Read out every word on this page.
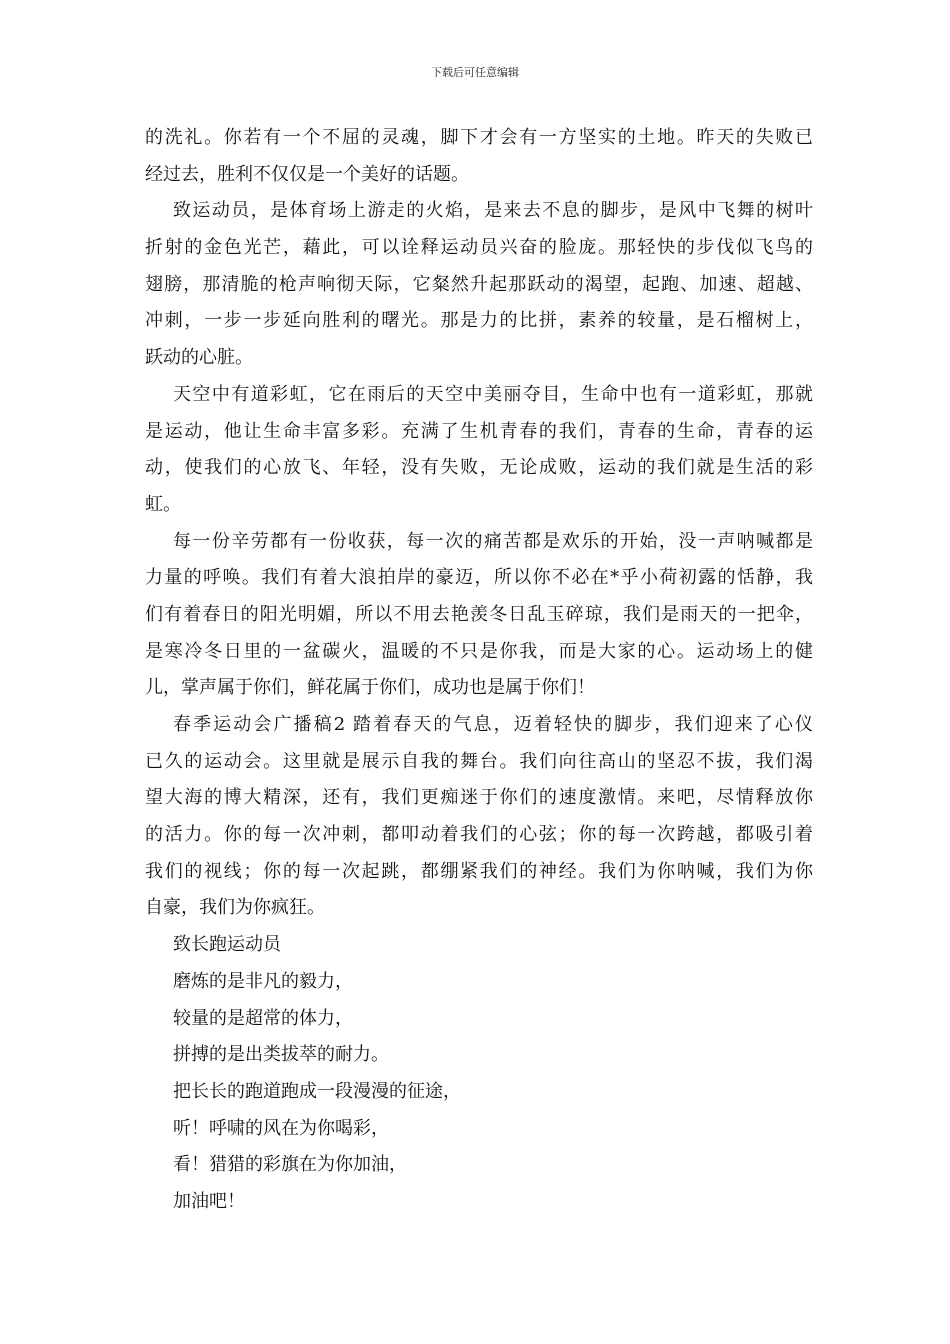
下载后可任意编辑
的洗礼。你若有一个不屈的灵魂，脚下才会有一方坚实的土地。昨天的失败已
经过去，胜利不仅仅是一个美好的话题。
致运动员，是体育场上游走的火焰，是来去不息的脚步，是风中飞舞的树叶
折射的金色光芒，藉此，可以诠释运动员兴奋的脸庞。那轻快的步伐似飞鸟的
翅膀，那清脆的枪声响彻天际，它粲然升起那跃动的渴望，起跑、加速、超越、
冲刺，一步一步延向胜利的曙光。那是力的比拼，素养的较量，是石榴树上，
跃动的心脏。
天空中有道彩虹，它在雨后的天空中美丽夺目，生命中也有一道彩虹，那就
是运动，他让生命丰富多彩。充满了生机青春的我们，青春的生命，青春的运
动，使我们的心放飞、年轻，没有失败，无论成败，运动的我们就是生活的彩
虹。
每一份辛劳都有一份收获，每一次的痛苦都是欢乐的开始，没一声呐喊都是
力量的呼唤。我们有着大浪拍岸的豪迈，所以你不必在*乎小荷初露的恬静，我
们有着春日的阳光明媚，所以不用去艳羡冬日乱玉碎琼，我们是雨天的一把伞，
是寒冷冬日里的一盆碳火，温暖的不只是你我，而是大家的心。运动场上的健
儿，掌声属于你们，鲜花属于你们，成功也是属于你们！
春季运动会广播稿2 踏着春天的气息，迈着轻快的脚步，我们迎来了心仪
已久的运动会。这里就是展示自我的舞台。我们向往高山的坚忍不拔，我们渴
望大海的博大精深，还有，我们更痴迷于你们的速度激情。来吧，尽情释放你
的活力。你的每一次冲刺，都叩动着我们的心弦；你的每一次跨越，都吸引着
我们的视线；你的每一次起跳，都绷紧我们的神经。我们为你呐喊，我们为你
自豪，我们为你疯狂。
致长跑运动员
磨炼的是非凡的毅力，
较量的是超常的体力，
拼搏的是出类拔萃的耐力。
把长长的跑道跑成一段漫漫的征途，
听！呼啸的风在为你喝彩，
看！猎猎的彩旗在为你加油，
加油吧！
